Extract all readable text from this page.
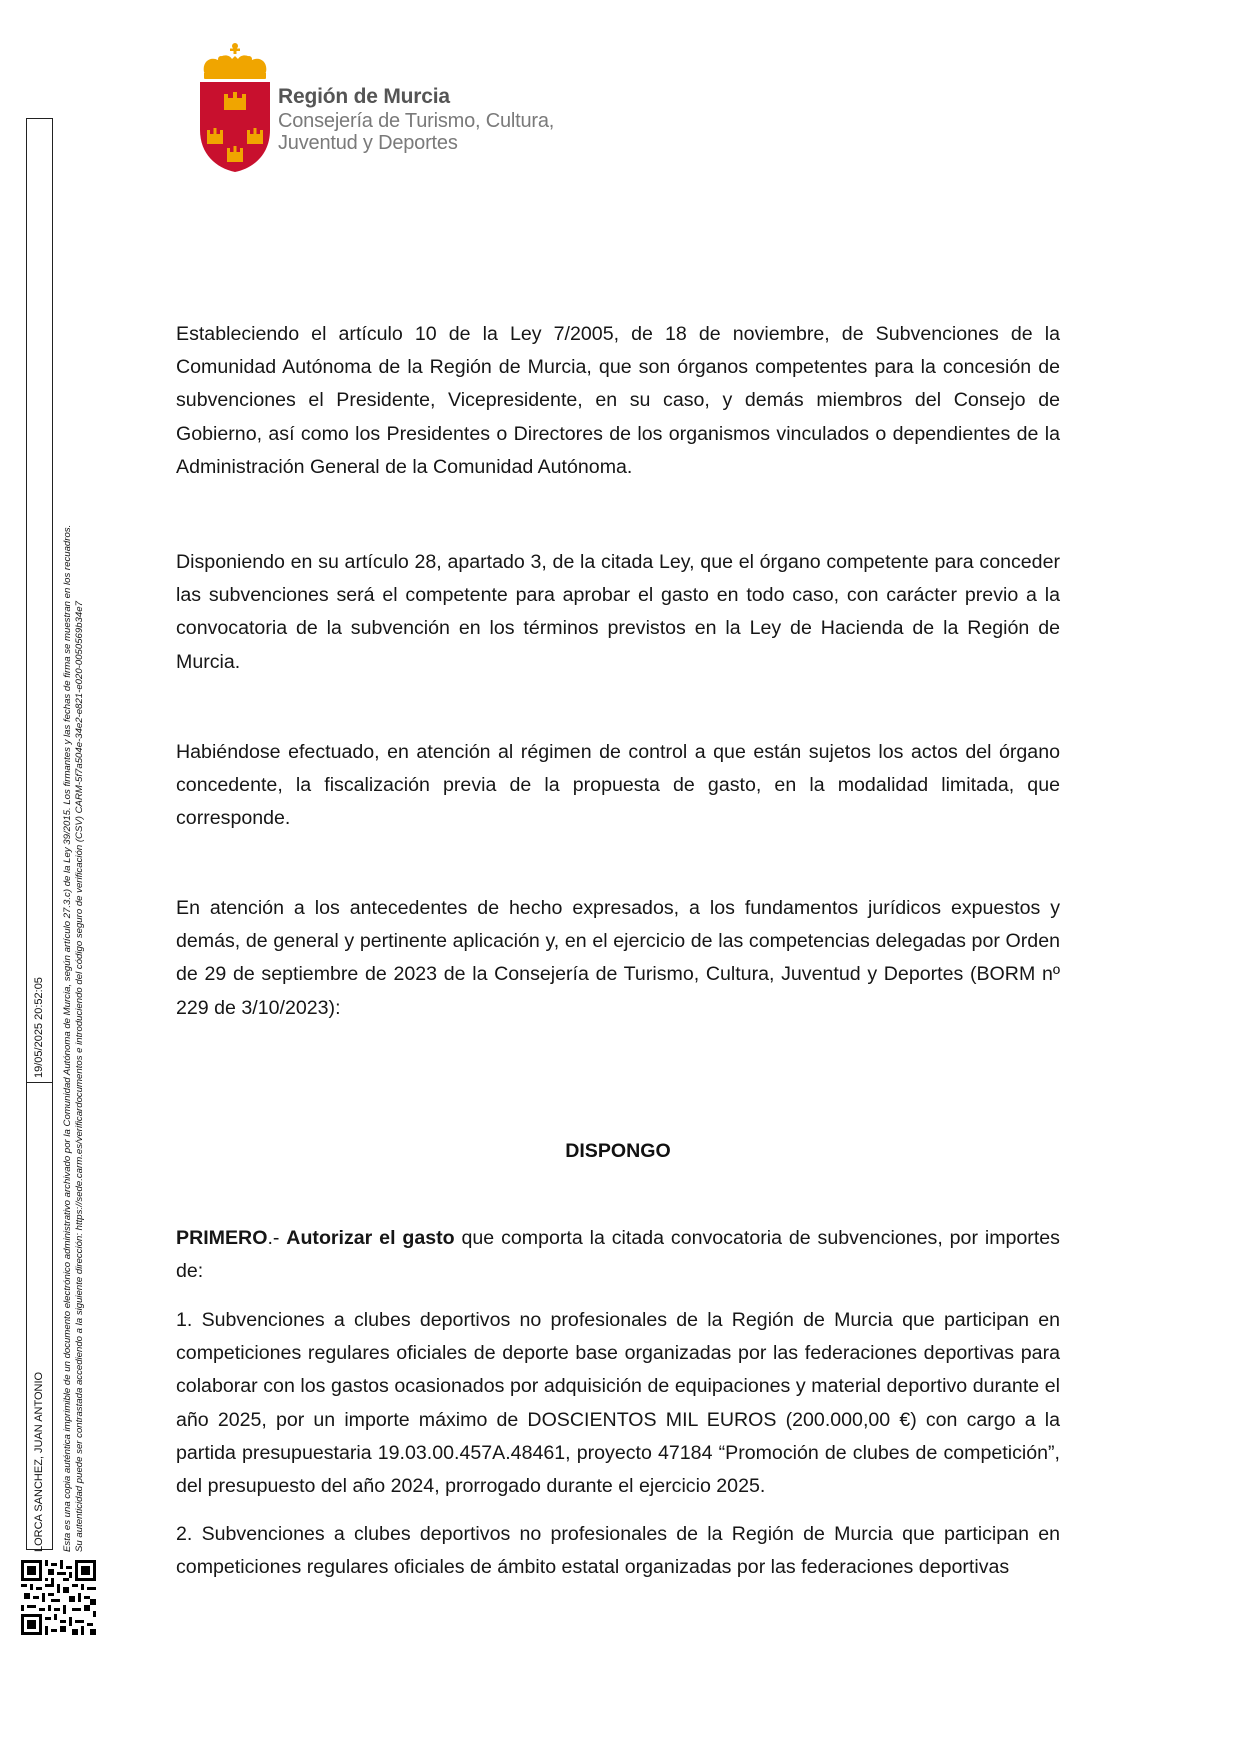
Región de Murcia
Consejería de Turismo, Cultura, Juventud y Deportes
LORCA SANCHEZ, JUAN ANTONIO
19/05/2025 20:52:05 Esta es una copia auténtica imprimible de un documento electrónico administrativo archivado por la Comunidad Autónoma de Murcia, según artículo 27.3.c) de la Ley 39/2015. Los firmantes y las fechas de firma se muestran en los recuadros. Su autenticidad puede ser contrastada accediendo a la siguiente dirección: https://sede.carm.es/verificardocumentos e introduciendo del código seguro de verificación (CSV) CARM-5f7a504e-34e2-e821-e020-0050569b34e7

Estableciendo el artículo 10 de la Ley 7/2005, de 18 de noviembre, de Subvenciones de la Comunidad Autónoma de la Región de Murcia, que son órganos competentes para la concesión de subvenciones el Presidente, Vicepresidente, en su caso, y demás miembros del Consejo de Gobierno, así como los Presidentes o Directores de los organismos vinculados o dependientes de la Administración General de la Comunidad Autónoma.

Disponiendo en su artículo 28, apartado 3, de la citada Ley, que el órgano competente para conceder las subvenciones será el competente para aprobar el gasto en todo caso, con carácter previo a la convocatoria de la subvención en los términos previstos en la Ley de Hacienda de la Región de Murcia.

Habiéndose efectuado, en atención al régimen de control a que están sujetos los actos del órgano concedente, la fiscalización previa de la propuesta de gasto, en la modalidad limitada, que corresponde.

En atención a los antecedentes de hecho expresados, a los fundamentos jurídicos expuestos y demás, de general y pertinente aplicación y, en el ejercicio de las competencias delegadas por Orden de 29 de septiembre de 2023 de la Consejería de Turismo, Cultura, Juventud y Deportes (BORM nº 229 de 3/10/2023):

DISPONGO

PRIMERO.- Autorizar el gasto que comporta la citada convocatoria de subvenciones, por importes de:

1. Subvenciones a clubes deportivos no profesionales de la Región de Murcia que participan en competiciones regulares oficiales de deporte base organizadas por las federaciones deportivas para colaborar con los gastos ocasionados por adquisición de equipaciones y material deportivo durante el año 2025, por un importe máximo de DOSCIENTOS MIL EUROS (200.000,00 €) con cargo a la partida presupuestaria 19.03.00.457A.48461, proyecto 47184 “Promoción de clubes de competición”, del presupuesto del año 2024, prorrogado durante el ejercicio 2025.

2. Subvenciones a clubes deportivos no profesionales de la Región de Murcia que participan en competiciones regulares oficiales de ámbito estatal organizadas por las federaciones deportivas
